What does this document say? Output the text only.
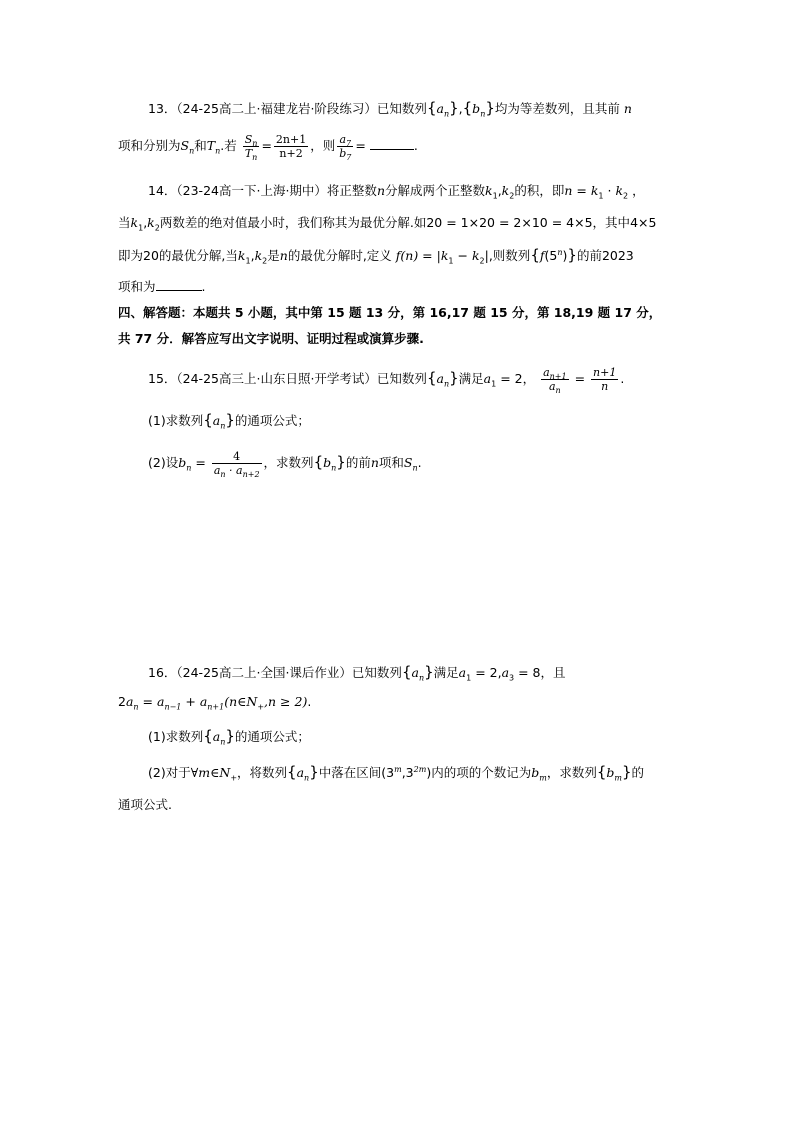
13．（24-25高二上·福建龙岩·阶段练习）已知数列$\{a_n\},\{b_n\}$均为等差数列，且其前 n
项和分别为$S_n$和$T_n$.若 $\frac{S_n}{T_n} = \frac{2n+1}{n+2}$ ，则 $\frac{a_7}{b_7}$ =	.
14．（23-24高一下·上海·期中）将正整数n分解成两个正整数$k_1,k_2$的积，即$n = k_1 \cdot k_2$ ，
当$k_1,k_2$两数差的绝对值最小时，我们称其为最优分解.如20 = 1×20 = 2×10 = 4×5，其中4×5
即为20的最优分解,当$k_1,k_2$是n的最优分解时,定义 $f(n) = |k_1 - k_2|$,则数列{f(5$^n$)}的前2023
项和为	.
四、解答题：本题共 5 小题，其中第 15 题 13 分，第 16,17 题 15 分，第 18,19 题 17 分，
共 77 分．解答应写出文字说明、证明过程或演算步骤.
15．（24-25高三上·山东日照·开学考试）已知数列$\{a_n\}$满足$a_1 = 2$， $\frac{a_{n+1}}{a_n} = \frac{n+1}{n}$ .
(1)求数列$\{a_n\}$的通项公式；
(2)设$b_n = \frac{4}{a_n \cdot a_{n+2}}$ ，求数列$\{b_n\}$的前n项和$S_n$.
16．（24-25高二上·全国·课后作业）已知数列$\{a_n\}$满足$a_1 = 2,a_3 = 8$，且
$2a_n = a_{n-1}$ + $a_{n+1}(n\in N_+,n \ge 2)$.
(1)求数列$\{a_n\}$的通项公式；
(2)对于$\forall m\in N_+$，将数列$\{a_n\}$中落在区间$(3^m,3^{2m})$内的项的个数记为$b_m$，求数列$\{b_m\}$的
通项公式.
